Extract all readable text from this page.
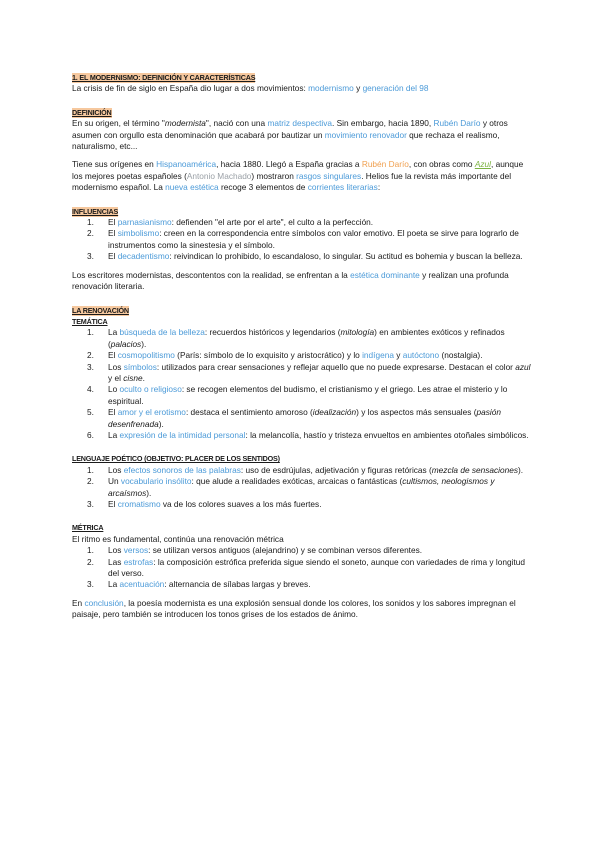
1. EL MODERNISMO: DEFINICIÓN Y CARACTERÍSTICAS

La crisis de fin de siglo en España dio lugar a dos movimientos: modernismo y generación del 98

DEFINICIÓN

En su origen, el término "modernista", nació con una matriz despectiva. Sin embargo, hacia 1890, Rubén Darío y otros asumen con orgullo esta denominación que acabará por bautizar un movimiento renovador que rechaza el realismo, naturalismo, etc...

Tiene sus orígenes en Hispanoamérica, hacia 1880. Llegó a España gracias a Rubén Darío, con obras como Azul, aunque los mejores poetas españoles (Antonio Machado) mostraron rasgos singulares. Helios fue la revista más importante del modernismo español. La nueva estética recoge 3 elementos de corrientes literarias:

INFLUENCIAS
1. El parnasianismo: defienden "el arte por el arte", el culto a la perfección.
2. El simbolismo: creen en la correspondencia entre símbolos con valor emotivo. El poeta se sirve para lograrlo de instrumentos como la sinestesia y el símbolo.
3. El decadentismo: reivindican lo prohibido, lo escandaloso, lo singular. Su actitud es bohemia y buscan la belleza.

Los escritores modernistas, descontentos con la realidad, se enfrentan a la estética dominante y realizan una profunda renovación literaria.

LA RENOVACIÓN
TEMÁTICA
1. La búsqueda de la belleza: recuerdos históricos y legendarios (mitología) en ambientes exóticos y refinados (palacios).
2. El cosmopolitismo (París: símbolo de lo exquisito y aristocrático) y lo indígena y autóctono (nostalgia).
3. Los símbolos: utilizados para crear sensaciones y reflejar aquello que no puede expresarse. Destacan el color azul y el cisne.
4. Lo oculto o religioso: se recogen elementos del budismo, el cristianismo y el griego. Les atrae el misterio y lo espiritual.
5. El amor y el erotismo: destaca el sentimiento amoroso (idealización) y los aspectos más sensuales (pasión desenfrenada).
6. La expresión de la intimidad personal: la melancolía, hastío y tristeza envueltos en ambientes otoñales simbólicos.
LENGUAJE POÉTICO (OBJETIVO: PLACER DE LOS SENTIDOS)
1. Los efectos sonoros de las palabras: uso de esdrújulas, adjetivación y figuras retóricas (mezcla de sensaciones).
2. Un vocabulario insólito: que alude a realidades exóticas, arcaicas o fantásticas (cultismos, neologismos y arcaísmos).
3. El cromatismo va de los colores suaves a los más fuertes.
MÉTRICA

El ritmo es fundamental, continúa una renovación métrica

1. Los versos: se utilizan versos antiguos (alejandrino) y se combinan versos diferentes.
2. Las estrofas: la composición estrófica preferida sigue siendo el soneto, aunque con variedades de rima y longitud del verso.
3. La acentuación: alternancia de sílabas largas y breves.

En conclusión, la poesía modernista es una explosión sensual donde los colores, los sonidos y los sabores impregnan el paisaje, pero también se introducen los tonos grises de los estados de ánimo.
